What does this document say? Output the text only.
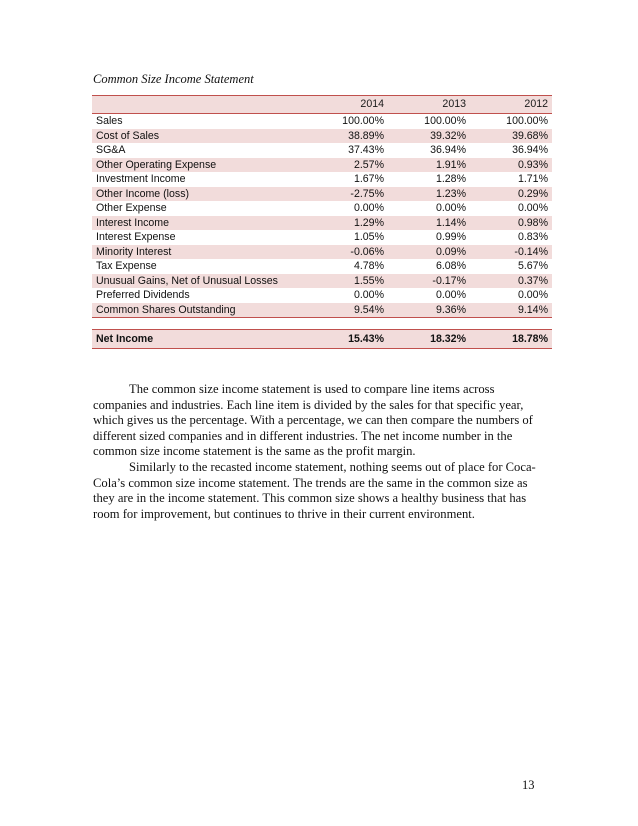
Common Size Income Statement
	2014	2013	2012
Sales	100.00%	100.00%	100.00%
Cost of Sales	38.89%	39.32%	39.68%
SG&A	37.43%	36.94%	36.94%
Other Operating Expense	2.57%	1.91%	0.93%
Investment Income	1.67%	1.28%	1.71%
Other Income (loss)	-2.75%	1.23%	0.29%
Other Expense	0.00%	0.00%	0.00%
Interest Income	1.29%	1.14%	0.98%
Interest Expense	1.05%	0.99%	0.83%
Minority Interest	-0.06%	0.09%	-0.14%
Tax Expense	4.78%	6.08%	5.67%
Unusual Gains, Net of Unusual Losses	1.55%	-0.17%	0.37%
Preferred Dividends	0.00%	0.00%	0.00%
Common Shares Outstanding	9.54%	9.36%	9.14%

Net Income	15.43%	18.32%	18.78%

The common size income statement is used to compare line items across companies and industries. Each line item is divided by the sales for that specific year, which gives us the percentage. With a percentage, we can then compare the numbers of different sized companies and in different industries. The net income number in the common size income statement is the same as the profit margin.

Similarly to the recasted income statement, nothing seems out of place for Coca-Cola’s common size income statement. The trends are the same in the common size as they are in the income statement. This common size shows a healthy business that has room for improvement, but continues to thrive in their current environment.

13
